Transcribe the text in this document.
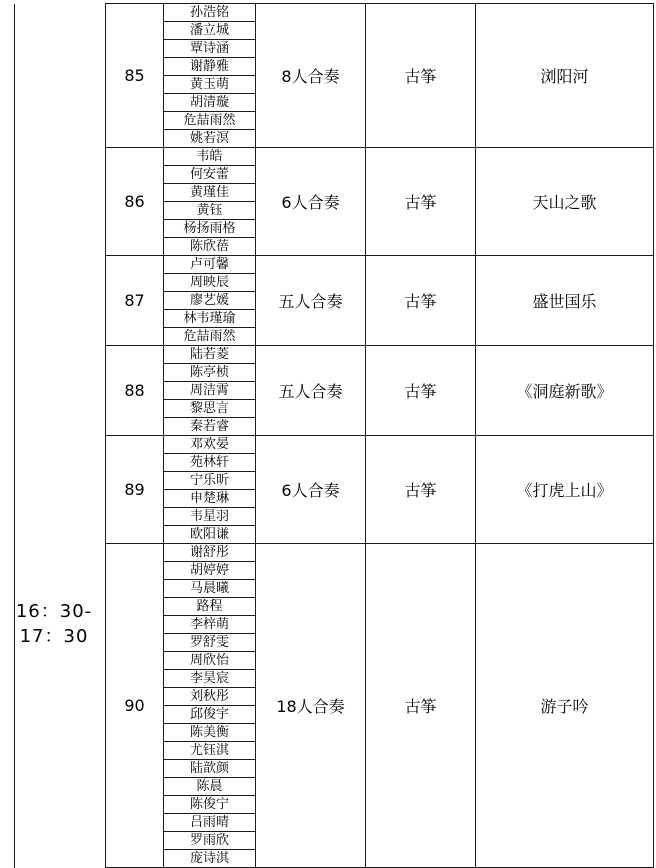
16：30-
17：30	85	孙浩铭	8人合奏	古筝	浏阳河
		潘立城			
		覃诗涵			
		谢静雅			
		黄玉萌			
		胡清璇			
		危喆雨然			
		姚若溟			
	86	韦皓	6人合奏	古筝	天山之歌
		何安蕾			
		黄瑾佳			
		黄钰			
		杨扬雨格			
		陈欣蓓			
	87	卢可馨	五人合奏	古筝	盛世国乐
		周映辰			
		廖艺媛			
		林韦瑾瑜			
		危喆雨然			
	88	陆若菱	五人合奏	古筝	《洞庭新歌》
		陈亭桢			
		周洁霄			
		黎思言			
		秦若睿			
	89	邓欢晏	6人合奏	古筝	《打虎上山》
		苑林轩			
		宁乐昕			
		申楚琳			
		韦星羽			
		欧阳谦			
	90	谢舒彤	18人合奏	古筝	游子吟
		胡婷婷			
		马晨曦			
		路程			
		李梓萌			
		罗舒雯			
		周欣怡			
		李昊宸			
		刘秋彤			
		邱俊宇			
		陈美衡			
		尤钰淇			
		陆歆颜			
		陈晨			
		陈俊宁			
		吕雨晴			
		罗雨欣			
		庞诗淇			
